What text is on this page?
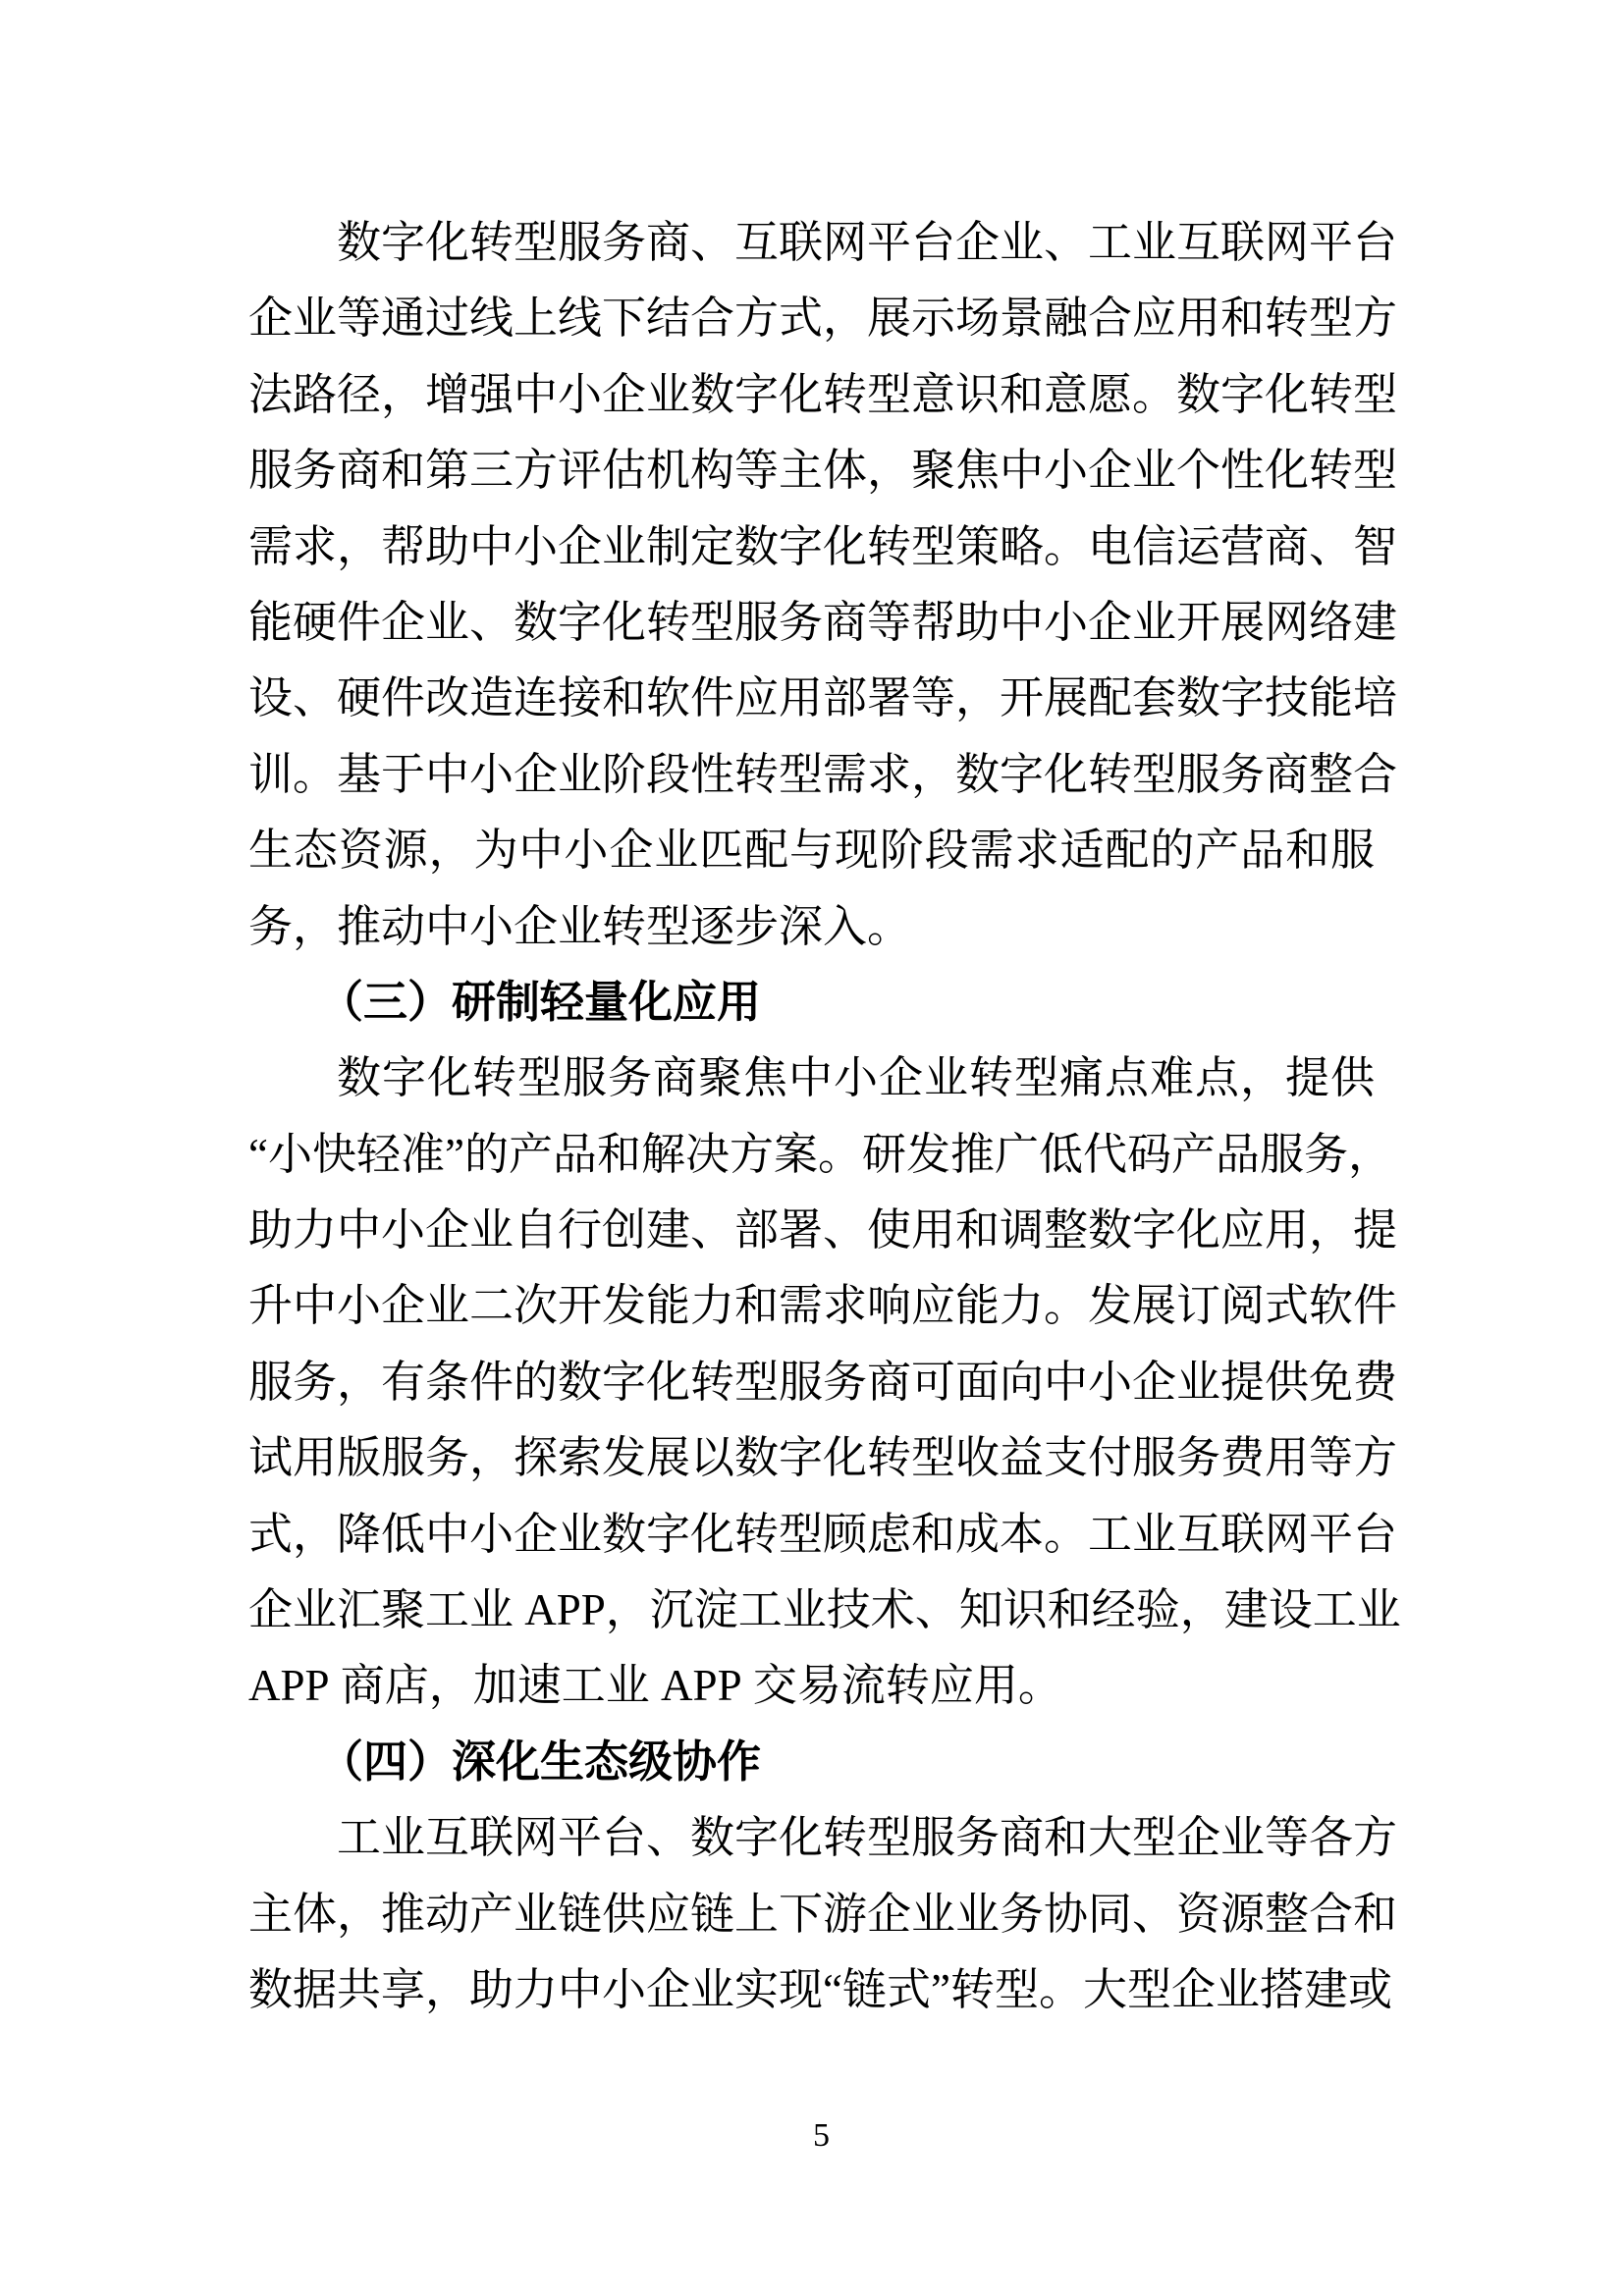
数字化转型服务商、互联网平台企业、工业互联网平台
企业等通过线上线下结合方式，展示场景融合应用和转型方
法路径，增强中小企业数字化转型意识和意愿。数字化转型
服务商和第三方评估机构等主体，聚焦中小企业个性化转型
需求，帮助中小企业制定数字化转型策略。电信运营商、智
能硬件企业、数字化转型服务商等帮助中小企业开展网络建
设、硬件改造连接和软件应用部署等，开展配套数字技能培
训。基于中小企业阶段性转型需求，数字化转型服务商整合
生态资源，为中小企业匹配与现阶段需求适配的产品和服
务，推动中小企业转型逐步深入。
（三）研制轻量化应用
数字化转型服务商聚焦中小企业转型痛点难点，提供
“小快轻准”的产品和解决方案。研发推广低代码产品服务，
助力中小企业自行创建、部署、使用和调整数字化应用，提
升中小企业二次开发能力和需求响应能力。发展订阅式软件
服务，有条件的数字化转型服务商可面向中小企业提供免费
试用版服务，探索发展以数字化转型收益支付服务费用等方
式，降低中小企业数字化转型顾虑和成本。工业互联网平台
企业汇聚工业 APP，沉淀工业技术、知识和经验，建设工业
APP 商店，加速工业 APP 交易流转应用。
（四）深化生态级协作
工业互联网平台、数字化转型服务商和大型企业等各方
主体，推动产业链供应链上下游企业业务协同、资源整合和
数据共享，助力中小企业实现“链式”转型。大型企业搭建或
5
